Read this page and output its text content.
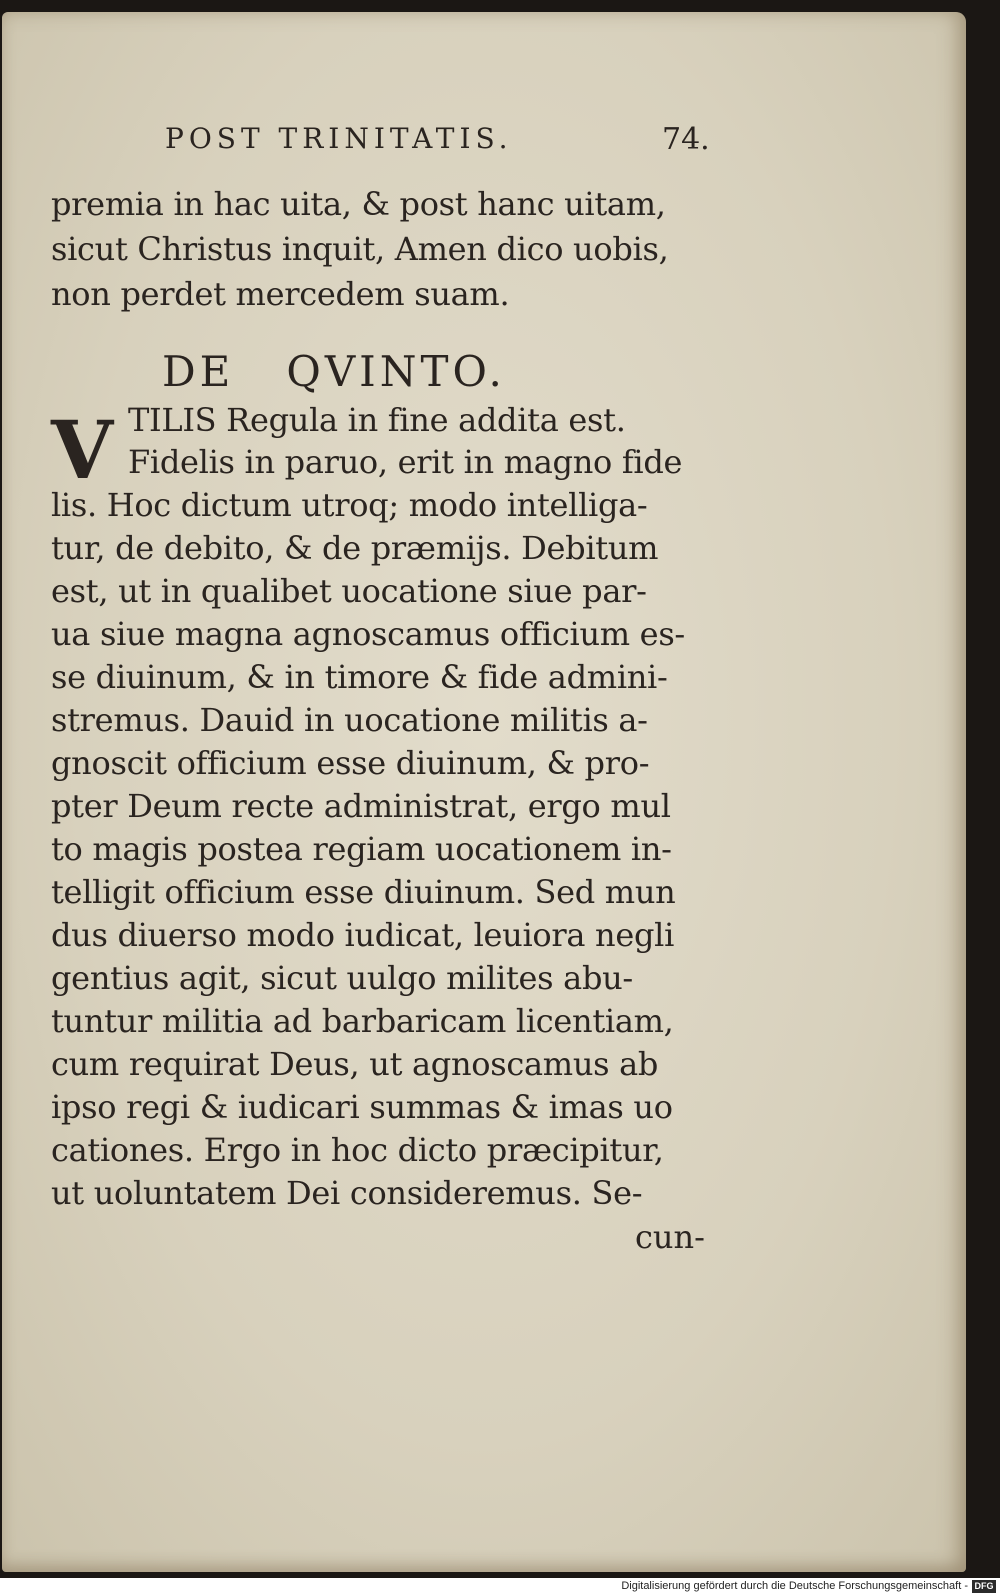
POST TRINITATIS.	74.
premia in hac uita, & post hanc uitam,
sicut Christus inquit, Amen dico uobis,
non perdet mercedem suam.
DE   QVINTO.
V TILIS Regula in fine addita est.
Fidelis in paruo, erit in magno fide
lis. Hoc dictum utroq; modo intelliga-
tur, de debito, & de præmijs. Debitum
est, ut in qualibet uocatione siue par-
ua siue magna agnoscamus officium es-
se diuinum, & in timore & fide admini-
stremus. Dauid in uocatione militis a-
gnoscit officium esse diuinum, & pro-
pter Deum recte administrat, ergo mul
to magis postea regiam uocationem in-
telligit officium esse diuinum. Sed mun
dus diuerso modo iudicat, leuiora negli
gentius agit, sicut uulgo milites abu-
tuntur militia ad barbaricam licentiam,
cum requirat Deus, ut agnoscamus ab
ipso regi & iudicari summas & imas uo
cationes. Ergo in hoc dicto præcipitur,
ut uoluntatem Dei consideremus. Se-
cun-
Digitalisierung gefördert durch die Deutsche Forschungsgemeinschaft - DFG
